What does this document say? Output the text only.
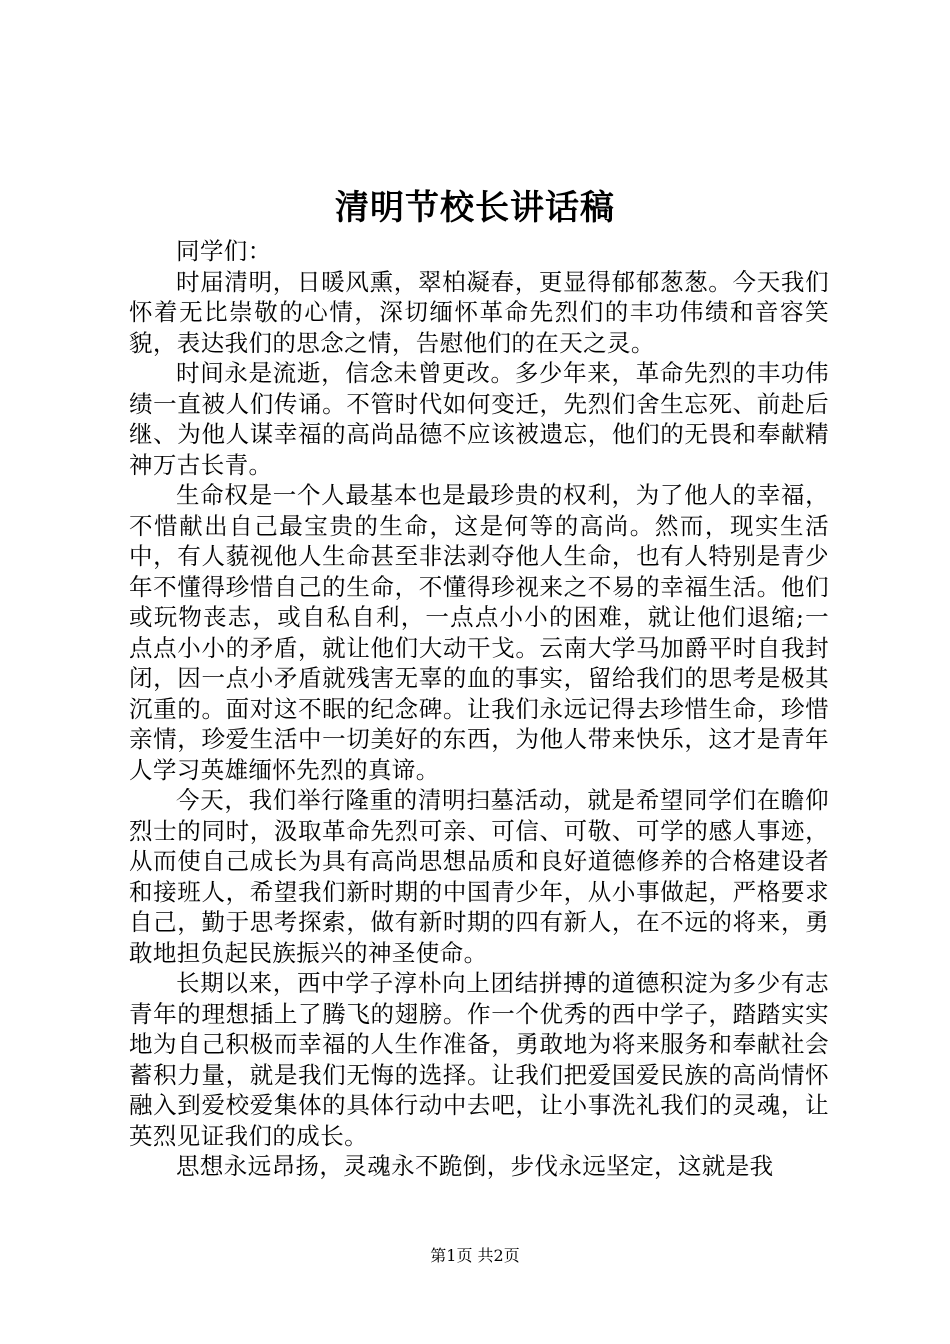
清明节校长讲话稿

同学们：

时届清明，日暖风熏，翠柏凝春，更显得郁郁葱葱。今天我们怀着无比崇敬的心情，深切缅怀革命先烈们的丰功伟绩和音容笑貌，表达我们的思念之情，告慰他们的在天之灵。

时间永是流逝，信念未曾更改。多少年来，革命先烈的丰功伟绩一直被人们传诵。不管时代如何变迁，先烈们舍生忘死、前赴后继、为他人谋幸福的高尚品德不应该被遗忘，他们的无畏和奉献精神万古长青。

生命权是一个人最基本也是最珍贵的权利，为了他人的幸福，不惜献出自己最宝贵的生命，这是何等的高尚。然而，现实生活中，有人藐视他人生命甚至非法剥夺他人生命，也有人特别是青少年不懂得珍惜自己的生命，不懂得珍视来之不易的幸福生活。他们或玩物丧志，或自私自利，一点点小小的困难，就让他们退缩;一点点小小的矛盾，就让他们大动干戈。云南大学马加爵平时自我封闭，因一点小矛盾就残害无辜的血的事实，留给我们的思考是极其沉重的。面对这不眠的纪念碑。让我们永远记得去珍惜生命，珍惜亲情，珍爱生活中一切美好的东西，为他人带来快乐，这才是青年人学习英雄缅怀先烈的真谛。

今天，我们举行隆重的清明扫墓活动，就是希望同学们在瞻仰烈士的同时，汲取革命先烈可亲、可信、可敬、可学的感人事迹，从而使自己成长为具有高尚思想品质和良好道德修养的合格建设者和接班人，希望我们新时期的中国青少年，从小事做起，严格要求自己，勤于思考探索，做有新时期的四有新人，在不远的将来，勇敢地担负起民族振兴的神圣使命。

长期以来，西中学子淳朴向上团结拼搏的道德积淀为多少有志青年的理想插上了腾飞的翅膀。作一个优秀的西中学子，踏踏实实地为自己积极而幸福的人生作准备，勇敢地为将来服务和奉献社会蓄积力量，就是我们无悔的选择。让我们把爱国爱民族的高尚情怀融入到爱校爱集体的具体行动中去吧，让小事洗礼我们的灵魂，让英烈见证我们的成长。

思想永远昂扬，灵魂永不跪倒，步伐永远坚定，这就是我

第1页 共2页
